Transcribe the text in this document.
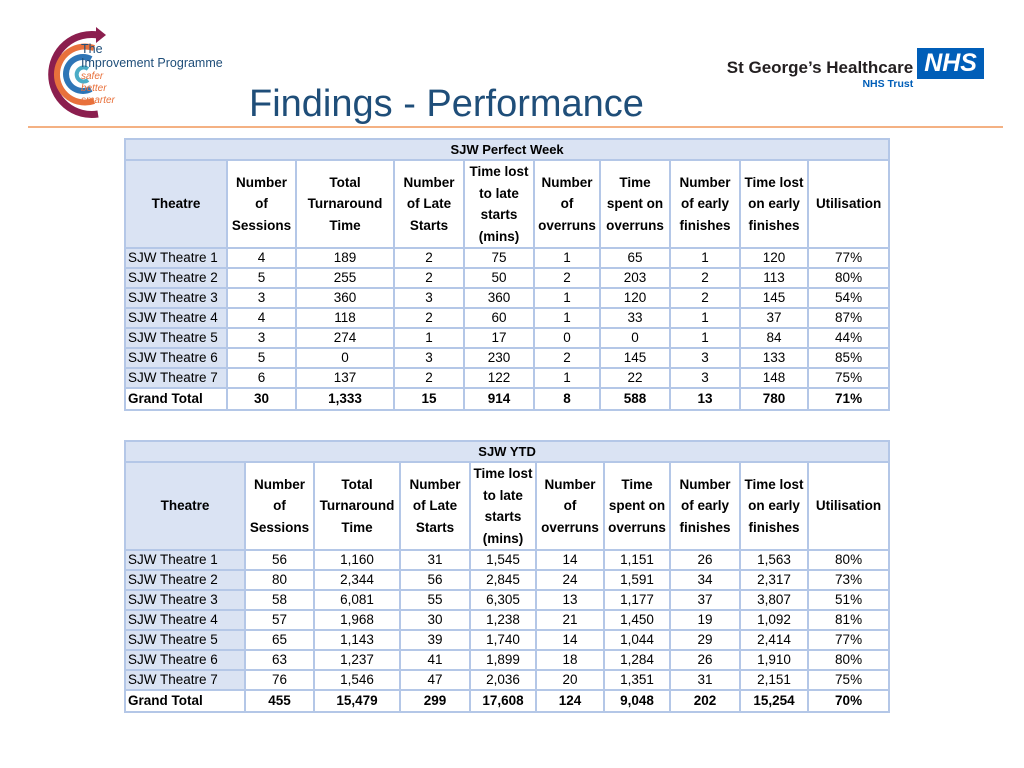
The
Improvement Programme
safer
better
smarter
St George’s Healthcare
NHS Trust
NHS
Findings - Performance
SJW Perfect Week									
Theatre	Number of Sessions	Total Turnaround Time	Number of Late Starts	Time lost to late starts (mins)	Number of overruns	Time spent on overruns	Number of early finishes	Time lost on early finishes	Utilisation
SJW Theatre 1	4	189	2	75	1	65	1	120	77%
SJW Theatre 2	5	255	2	50	2	203	2	113	80%
SJW Theatre 3	3	360	3	360	1	120	2	145	54%
SJW Theatre 4	4	118	2	60	1	33	1	37	87%
SJW Theatre 5	3	274	1	17	0	0	1	84	44%
SJW Theatre 6	5	0	3	230	2	145	3	133	85%
SJW Theatre 7	6	137	2	122	1	22	3	148	75%
Grand Total	30	1,333	15	914	8	588	13	780	71%
SJW YTD									
Theatre	Number of Sessions	Total Turnaround Time	Number of Late Starts	Time lost to late starts (mins)	Number of overruns	Time spent on overruns	Number of early finishes	Time lost on early finishes	Utilisation
SJW Theatre 1	56	1,160	31	1,545	14	1,151	26	1,563	80%
SJW Theatre 2	80	2,344	56	2,845	24	1,591	34	2,317	73%
SJW Theatre 3	58	6,081	55	6,305	13	1,177	37	3,807	51%
SJW Theatre 4	57	1,968	30	1,238	21	1,450	19	1,092	81%
SJW Theatre 5	65	1,143	39	1,740	14	1,044	29	2,414	77%
SJW Theatre 6	63	1,237	41	1,899	18	1,284	26	1,910	80%
SJW Theatre 7	76	1,546	47	2,036	20	1,351	31	2,151	75%
Grand Total	455	15,479	299	17,608	124	9,048	202	15,254	70%
